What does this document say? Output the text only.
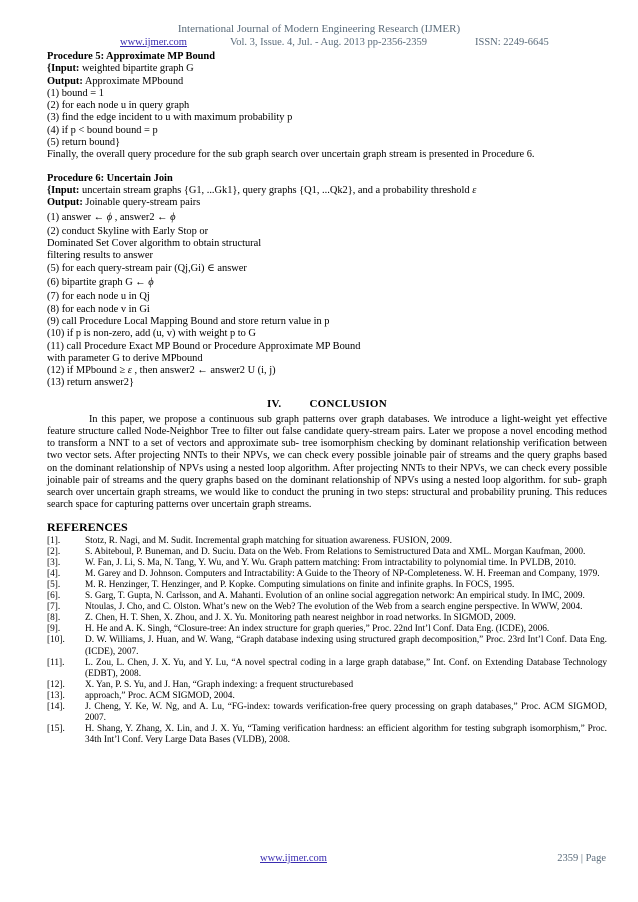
International Journal of Modern Engineering Research (IJMER)
www.ijmer.com	Vol. 3, Issue. 4, Jul. - Aug. 2013 pp-2356-2359	ISSN: 2249-6645
Procedure 5: Approximate MP Bound
{Input: weighted bipartite graph G
Output: Approximate MPbound
(1) bound = 1
(2) for each node u in query graph
(3) find the edge incident to u with maximum probability p
(4) if p < bound bound = p
(5) return bound}
Finally, the overall query procedure for the sub graph search over uncertain graph stream is presented in Procedure 6.
Procedure 6: Uncertain Join
{Input: uncertain stream graphs {G1, ...Gk1}, query graphs {Q1, ...Qk2}, and a probability threshold ε
Output: Joinable query-stream pairs
(1) answer ← ϕ , answer2 ← ϕ
(2) conduct Skyline with Early Stop or
Dominated Set Cover algorithm to obtain structural
filtering results to answer
(5) for each query-stream pair (Qj,Gi) ∈ answer
(6) bipartite graph G ← ϕ
(7) for each node u in Qj
(8) for each node v in Gi
(9) call Procedure Local Mapping Bound and store return value in p
(10) if p is non-zero, add (u, v) with weight p to G
(11) call Procedure Exact MP Bound or Procedure Approximate MP Bound
with parameter G to derive MPbound
(12) if MPbound ≥ ε , then answer2 ← answer2 U (i, j)
(13) return answer2}
IV.	CONCLUSION
In this paper, we propose a continuous sub graph patterns over graph databases. We introduce a light-weight yet effective feature structure called Node-Neighbor Tree to filter out false candidate query-stream pairs. Later we propose a novel encoding method to transform a NNT to a set of vectors and approximate sub- tree isomorphism checking by dominant relationship verification between two vector sets. After projecting NNTs to their NPVs, we can check every possible joinable pair of streams and the query graphs based on the dominant relationship of NPVs using a nested loop algorithm. After projecting NNTs to their NPVs, we can check every possible joinable pair of streams and the query graphs based on the dominant relationship of NPVs using a nested loop algorithm. for sub- graph search over uncertain graph streams, we would like to conduct the pruning in two steps: structural and probability pruning. This reduces search space for capturing patterns over uncertain graph streams.
REFERENCES
[1].	Stotz, R. Nagi, and M. Sudit. Incremental graph matching for situation awareness. FUSION, 2009.
[2].	S. Abiteboul, P. Buneman, and D. Suciu. Data on the Web. From Relations to Semistructured Data and XML. Morgan Kaufman, 2000.
[3].	W. Fan, J. Li, S. Ma, N. Tang, Y. Wu, and Y. Wu. Graph pattern matching: From intractability to polynomial time. In PVLDB, 2010.
[4].	M. Garey and D. Johnson. Computers and Intractability: A Guide to the Theory of NP-Completeness. W. H. Freeman and Company, 1979.
[5].	M. R. Henzinger, T. Henzinger, and P. Kopke. Computing simulations on finite and infinite graphs. In FOCS, 1995.
[6].	S. Garg, T. Gupta, N. Carlsson, and A. Mahanti. Evolution of an online social aggregation network: An empirical study. In IMC, 2009.
[7].	Ntoulas, J. Cho, and C. Olston. What’s new on the Web? The evolution of the Web from a search engine perspective. In WWW, 2004.
[8].	Z. Chen, H. T. Shen, X. Zhou, and J. X. Yu. Monitoring path nearest neighbor in road networks. In SIGMOD, 2009.
[9].	H. He and A. K. Singh, “Closure-tree: An index structure for graph queries,” Proc. 22nd Int’l Conf. Data Eng. (ICDE), 2006.
[10].	D. W. Williams, J. Huan, and W. Wang, “Graph database indexing using structured graph decomposition,” Proc. 23rd Int’l Conf. Data Eng. (ICDE), 2007.
[11].	L. Zou, L. Chen, J. X. Yu, and Y. Lu, “A novel spectral coding in a large graph database,” Int. Conf. on Extending Database Technology (EDBT), 2008.
[12].	X. Yan, P. S. Yu, and J. Han, “Graph indexing: a frequent structurebased
[13].	approach,” Proc. ACM SIGMOD, 2004.
[14].	J. Cheng, Y. Ke, W. Ng, and A. Lu, “FG-index: towards verification-free query processing on graph databases,” Proc. ACM SIGMOD, 2007.
[15].	H. Shang, Y. Zhang, X. Lin, and J. X. Yu, “Taming verification hardness: an efficient algorithm for testing subgraph isomorphism,” Proc. 34th Int’l Conf. Very Large Data Bases (VLDB), 2008.
www.ijmer.com	2359 | Page
